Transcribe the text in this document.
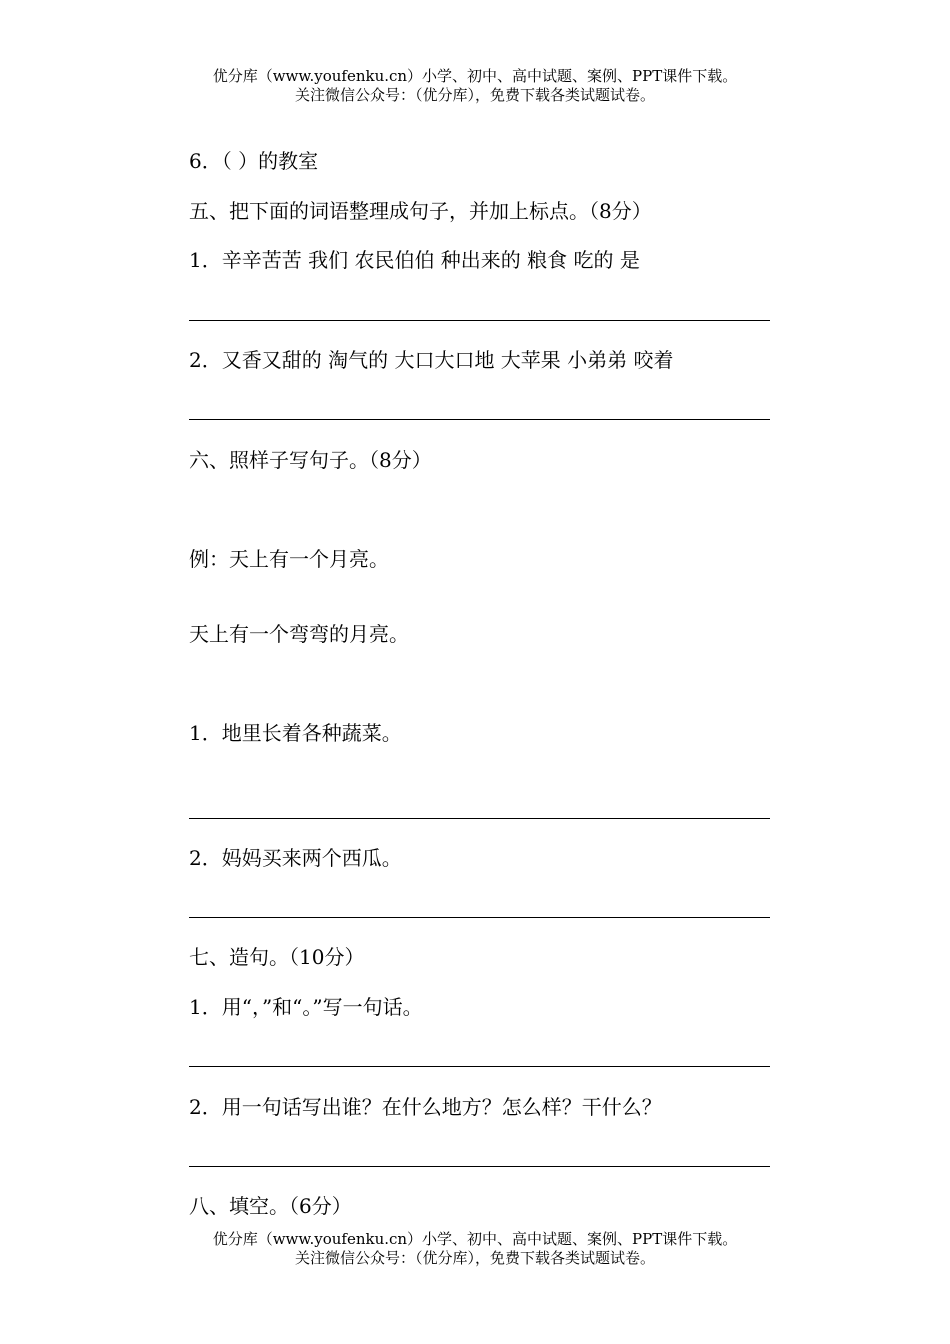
优分库（www.youfenku.cn）小学、初中、高中试题、案例、PPT课件下载。
关注微信公众号：（优分库），免费下载各类试题试卷。
6．（ ）的教室
五、把下面的词语整理成句子，并加上标点。（8分）
1．辛辛苦苦 我们 农民伯伯 种出来的 粮食 吃的 是
2．又香又甜的 淘气的 大口大口地 大苹果 小弟弟 咬着
六、照样子写句子。（8分）
例：天上有一个月亮。
天上有一个弯弯的月亮。
1．地里长着各种蔬菜。
2．妈妈买来两个西瓜。
七、造句。（10分）
1．用“，”和“。”写一句话。
2．用一句话写出谁？在什么地方？怎么样？干什么？
八、填空。（6分）
优分库（www.youfenku.cn）小学、初中、高中试题、案例、PPT课件下载。
关注微信公众号：（优分库），免费下载各类试题试卷。
